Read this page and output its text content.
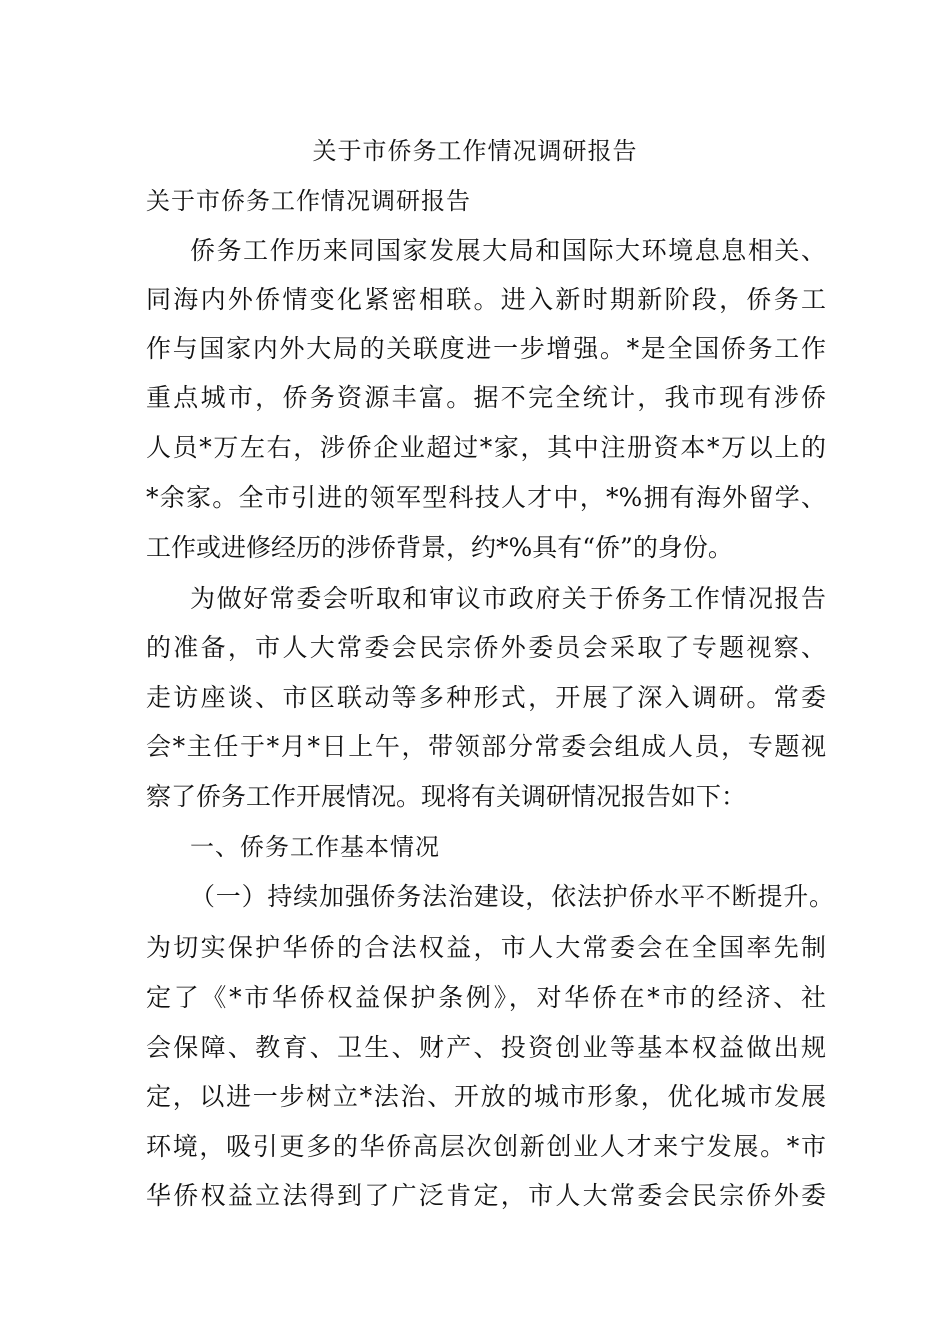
关于市侨务工作情况调研报告
关于市侨务工作情况调研报告
侨务工作历来同国家发展大局和国际大环境息息相关、
同海内外侨情变化紧密相联。进入新时期新阶段，侨务工
作与国家内外大局的关联度进一步增强。*是全国侨务工作
重点城市，侨务资源丰富。据不完全统计，我市现有涉侨
人员*万左右，涉侨企业超过*家，其中注册资本*万以上的
*余家。全市引进的领军型科技人才中，*%拥有海外留学、
工作或进修经历的涉侨背景，约*%具有“侨”的身份。
为做好常委会听取和审议市政府关于侨务工作情况报告
的准备，市人大常委会民宗侨外委员会采取了专题视察、
走访座谈、市区联动等多种形式，开展了深入调研。常委
会*主任于*月*日上午，带领部分常委会组成人员，专题视
察了侨务工作开展情况。现将有关调研情况报告如下：
一、侨务工作基本情况
（一）持续加强侨务法治建设，依法护侨水平不断提升。
为切实保护华侨的合法权益，市人大常委会在全国率先制
定了《*市华侨权益保护条例》，对华侨在*市的经济、社
会保障、教育、卫生、财产、投资创业等基本权益做出规
定，以进一步树立*法治、开放的城市形象，优化城市发展
环境，吸引更多的华侨高层次创新创业人才来宁发展。*市
华侨权益立法得到了广泛肯定，市人大常委会民宗侨外委
